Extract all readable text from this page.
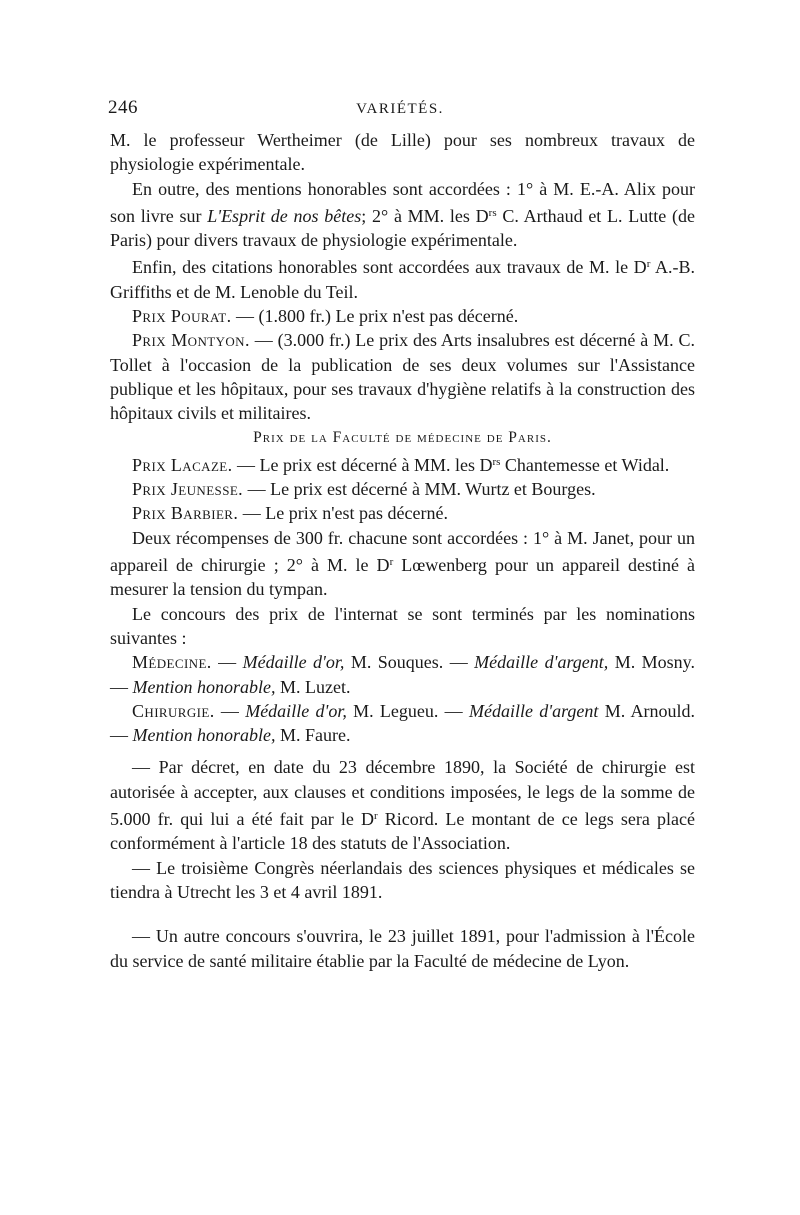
246	VARIÉTÉS.

M. le professeur Wertheimer (de Lille) pour ses nombreux travaux de physiologie expérimentale.

En outre, des mentions honorables sont accordées : 1° à M. E.-A. Alix pour son livre sur L'Esprit de nos bêtes; 2° à MM. les $D^{rs}$ C. Arthaud et L. Lutte (de Paris) pour divers travaux de physiologie expérimentale.

Enfin, des citations honorables sont accordées aux travaux de M. le $D^r$ A.-B. Griffiths et de M. Lenoble du Teil.

Prix Pourat. — (1.800 fr.) Le prix n'est pas décerné.

Prix Montyon. — (3.000 fr.) Le prix des Arts insalubres est décerné à M. C. Tollet à l'occasion de la publication de ses deux volumes sur l'Assistance publique et les hôpitaux, pour ses travaux d'hygiène relatifs à la construction des hôpitaux civils et militaires.

Prix de la Faculté de médecine de Paris.

Prix Lacaze. — Le prix est décerné à MM. les $D^{rs}$ Chantemesse et Widal.

Prix Jeunesse. — Le prix est décerné à MM. Wurtz et Bourges.

Prix Barbier. — Le prix n'est pas décerné.

Deux récompenses de 300 fr. chacune sont accordées : 1° à M. Janet, pour un appareil de chirurgie ; 2° à M. le $D^r$ Lœwenberg pour un appareil destiné à mesurer la tension du tympan.

Le concours des prix de l'internat se sont terminés par les nominations suivantes :

Médecine. — Médaille d'or, M. Souques. — Médaille d'argent, M. Mosny. — Mention honorable, M. Luzet.

Chirurgie. — Médaille d'or, M. Legueu. — Médaille d'argent M. Arnould. — Mention honorable, M. Faure.

— Par décret, en date du 23 décembre 1890, la Société de chirurgie est autorisée à accepter, aux clauses et conditions imposées, le legs de la somme de 5.000 fr. qui lui a été fait par le $D^r$ Ricord. Le montant de ce legs sera placé conformément à l'article 18 des statuts de l'Association.

— Le troisième Congrès néerlandais des sciences physiques et médicales se tiendra à Utrecht les 3 et 4 avril 1891.

— Un autre concours s'ouvrira, le 23 juillet 1891, pour l'admission à l'École du service de santé militaire établie par la Faculté de médecine de Lyon.
